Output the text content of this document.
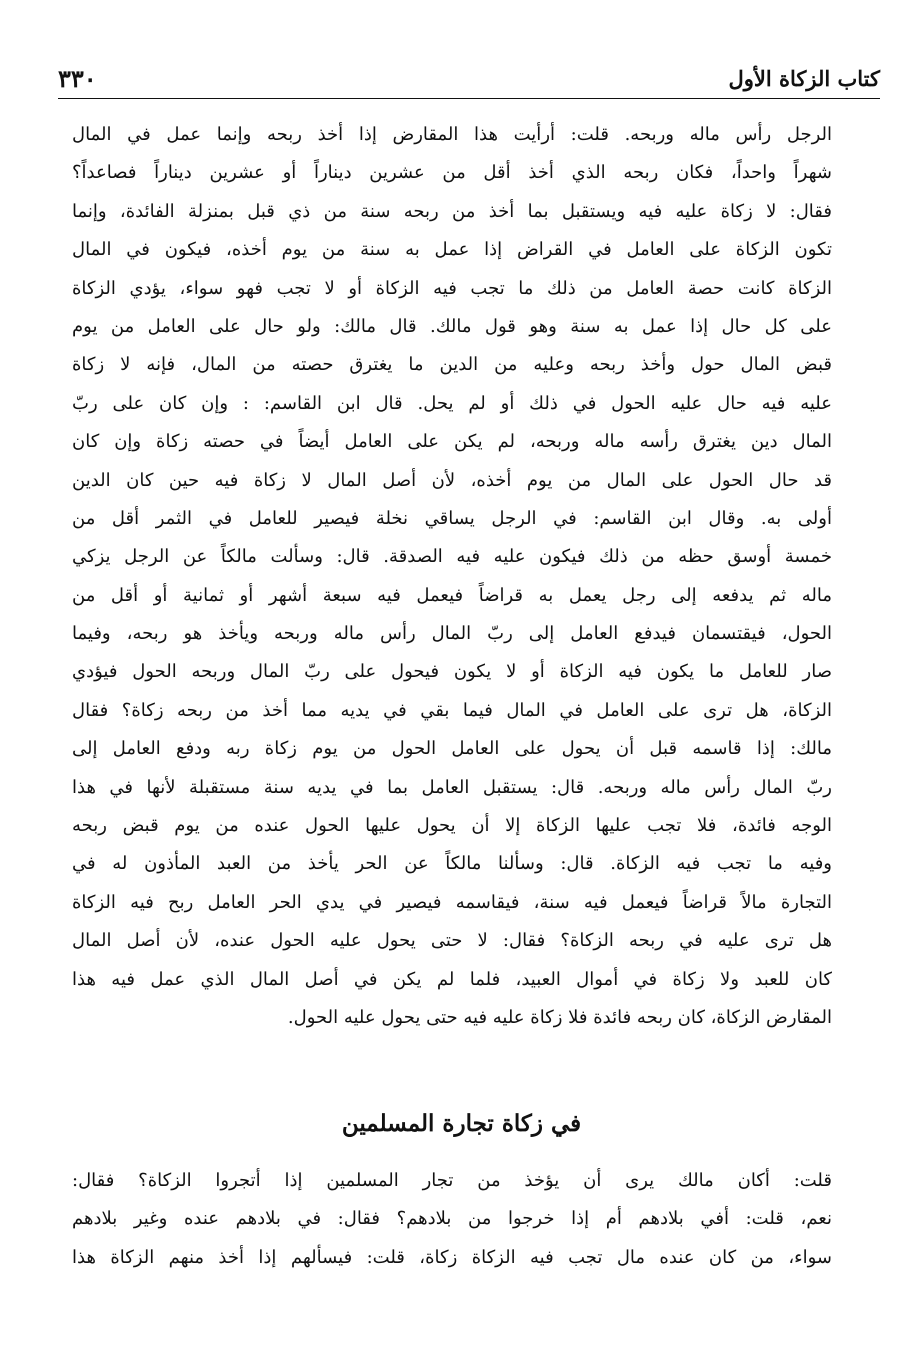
٣٣٠	كتاب الزكاة الأول
الرجل رأس ماله وربحه. قلت: أرأيت هذا المقارض إذا أخذ ربحه وإنما عمل في المال
شهراً واحداً، فكان ربحه الذي أخذ أقل من عشرين ديناراً أو عشرين ديناراً فصاعداً؟
فقال: لا زكاة عليه فيه ويستقبل بما أخذ من ربحه سنة من ذي قبل بمنزلة الفائدة، وإنما
تكون الزكاة على العامل في القراض إذا عمل به سنة من يوم أخذه، فيكون في المال
الزكاة كانت حصة العامل من ذلك ما تجب فيه الزكاة أو لا تجب فهو سواء، يؤدي الزكاة
على كل حال إذا عمل به سنة وهو قول مالك. قال مالك: ولو حال على العامل من يوم
قبض المال حول وأخذ ربحه وعليه من الدين ما يغترق حصته من المال، فإنه لا زكاة
عليه فيه حال عليه الحول في ذلك أو لم يحل. قال ابن القاسم: : وإن كان على ربّ
المال دين يغترق رأسه ماله وربحه، لم يكن على العامل أيضاً في حصته زكاة وإن كان
قد حال الحول على المال من يوم أخذه، لأن أصل المال لا زكاة فيه حين كان الدين
أولى به. وقال ابن القاسم: في الرجل يساقي نخلة فيصير للعامل في الثمر أقل من
خمسة أوسق حظه من ذلك فيكون عليه فيه الصدقة. قال: وسألت مالكاً عن الرجل يزكي
ماله ثم يدفعه إلى رجل يعمل به قراضاً فيعمل فيه سبعة أشهر أو ثمانية أو أقل من
الحول، فيقتسمان فيدفع العامل إلى ربّ المال رأس ماله وربحه ويأخذ هو ربحه، وفيما
صار للعامل ما يكون فيه الزكاة أو لا يكون فيحول على ربّ المال وربحه الحول فيؤدي
الزكاة، هل ترى على العامل في المال فيما بقي في يديه مما أخذ من ربحه زكاة؟ فقال
مالك: إذا قاسمه قبل أن يحول على العامل الحول من يوم زكاة ربه ودفع العامل إلى
ربّ المال رأس ماله وربحه. قال: يستقبل العامل بما في يديه سنة مستقبلة لأنها في هذا
الوجه فائدة، فلا تجب عليها الزكاة إلا أن يحول عليها الحول عنده من يوم قبض ربحه
وفيه ما تجب فيه الزكاة. قال: وسألنا مالكاً عن الحر يأخذ من العبد المأذون له في
التجارة مالاً قراضاً فيعمل فيه سنة، فيقاسمه فيصير في يدي الحر العامل ربح فيه الزكاة
هل ترى عليه في ربحه الزكاة؟ فقال: لا حتى يحول عليه الحول عنده، لأن أصل المال
كان للعبد ولا زكاة في أموال العبيد، فلما لم يكن في أصل المال الذي عمل فيه هذا
المقارض الزكاة، كان ربحه فائدة فلا زكاة عليه فيه حتى يحول عليه الحول.
في زكاة تجارة المسلمين
قلت: أكان مالك يرى أن يؤخذ من تجار المسلمين إذا أتجروا الزكاة؟ فقال:
نعم، قلت: أفي بلادهم أم إذا خرجوا من بلادهم؟ فقال: في بلادهم عنده وغير بلادهم
سواء، من كان عنده مال تجب فيه الزكاة زكاة، قلت: فيسألهم إذا أخذ منهم الزكاة هذا
